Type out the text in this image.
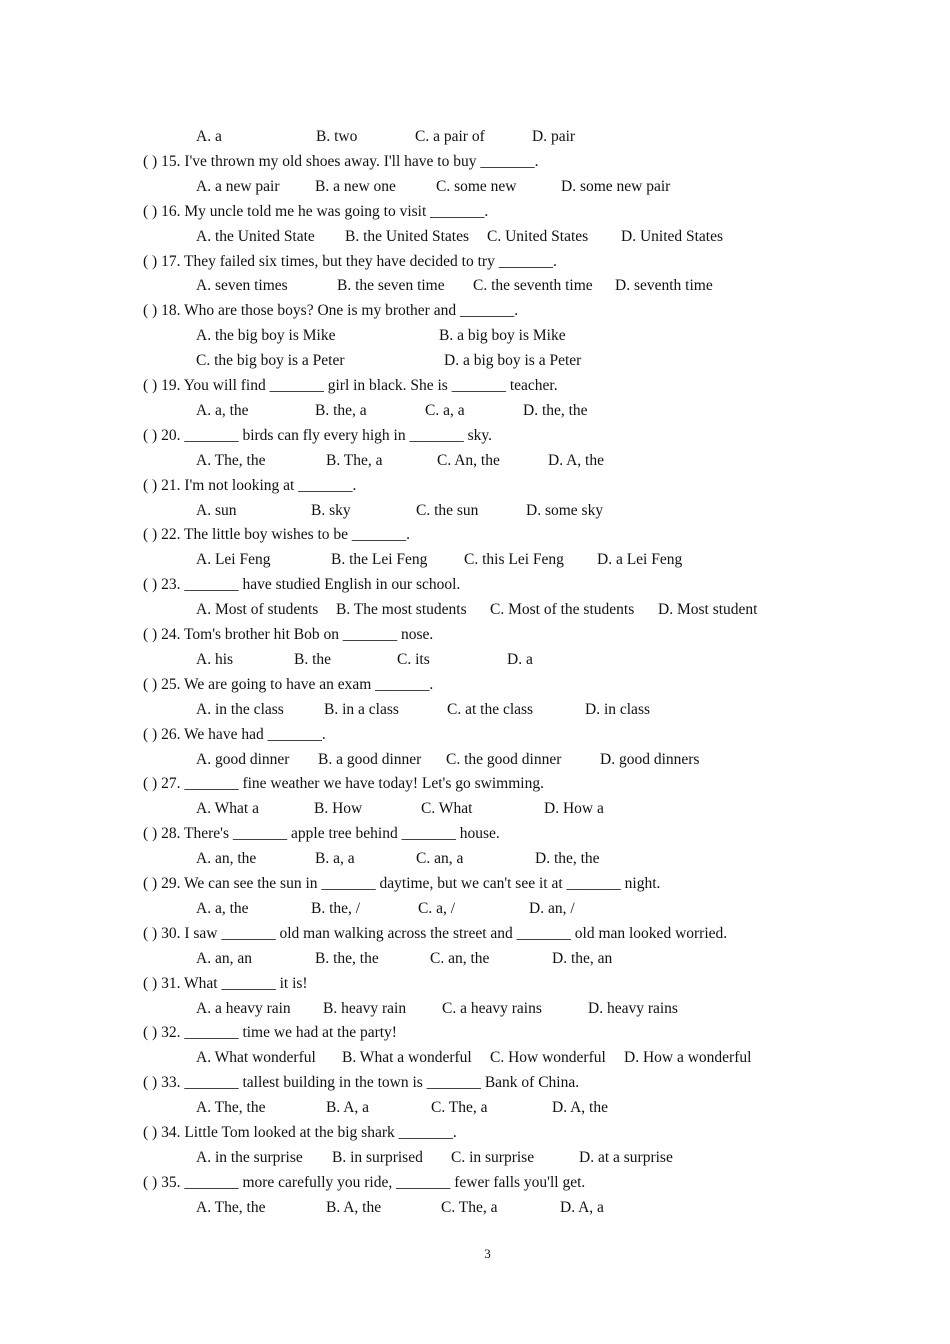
A. a	B. two	C. a pair of	D. pair
( ) 15. I've thrown my old shoes away. I'll have to buy _______.
A. a new pair B. a new one	C. some new	D. some new pair
( ) 16. My uncle told me he was going to visit _______.
A. the United State B. the United States C. United States D. United States
( ) 17. They failed six times, but they have decided to try _______.
A. seven times	B. the seven time C. the seventh time D. seventh time
( ) 18. Who are those boys? One is my brother and _______.
A. the big boy is Mike	B. a big boy is Mike
C. the big boy is a Peter	D. a big boy is a Peter
( ) 19. You will find _______ girl in black. She is _______ teacher.
A. a, the	B. the, a	C. a, a	D. the, the
( ) 20. _______ birds can fly every high in _______ sky.
A. The, the	B. The, a	C. An, the	D. A, the
( ) 21. I'm not looking at _______.
A. sun	B. sky	C. the sun	D. some sky
( ) 22. The little boy wishes to be _______.
A. Lei Feng	B. the Lei Feng C. this Lei Feng D. a Lei Feng
( ) 23. _______ have studied English in our school.
A. Most of students B. The most students C. Most of the students D. Most student
( ) 24. Tom's brother hit Bob on _______ nose.
A. his	B. the	C. its	D. a
( ) 25. We are going to have an exam _______.
A. in the class	B. in a class	C. at the class	D. in class
( ) 26. We have had _______.
A. good dinner B. a good dinner C. the good dinner D. good dinners
( ) 27. _______ fine weather we have today! Let's go swimming.
A. What a	B. How	C. What	D. How a
( ) 28. There's _______ apple tree behind _______ house.
A. an, the	B. a, a	C. an, a	D. the, the
( ) 29. We can see the sun in _______ daytime, but we can't see it at _______ night.
A. a, the	B. the, /	C. a, /	D. an, /
( ) 30. I saw _______ old man walking across the street and _______ old man looked worried.
A. an, an	B. the, the	C. an, the	D. the, an
( ) 31. What _______ it is!
A. a heavy rain B. heavy rain C. a heavy rains	D. heavy rains
( ) 32. _______ time we had at the party!
A. What wonderful B. What a wonderful C. How wonderful D. How a wonderful
( ) 33. _______ tallest building in the town is _______ Bank of China.
A. The, the	B. A, a	C. The, a	D. A, the
( ) 34. Little Tom looked at the big shark _______.
A. in the surprise B. in surprised C. in surprise	D. at a surprise
( ) 35. _______ more carefully you ride, _______ fewer falls you'll get.
A. The, the	B. A, the	C. The, a	D. A, a
3
